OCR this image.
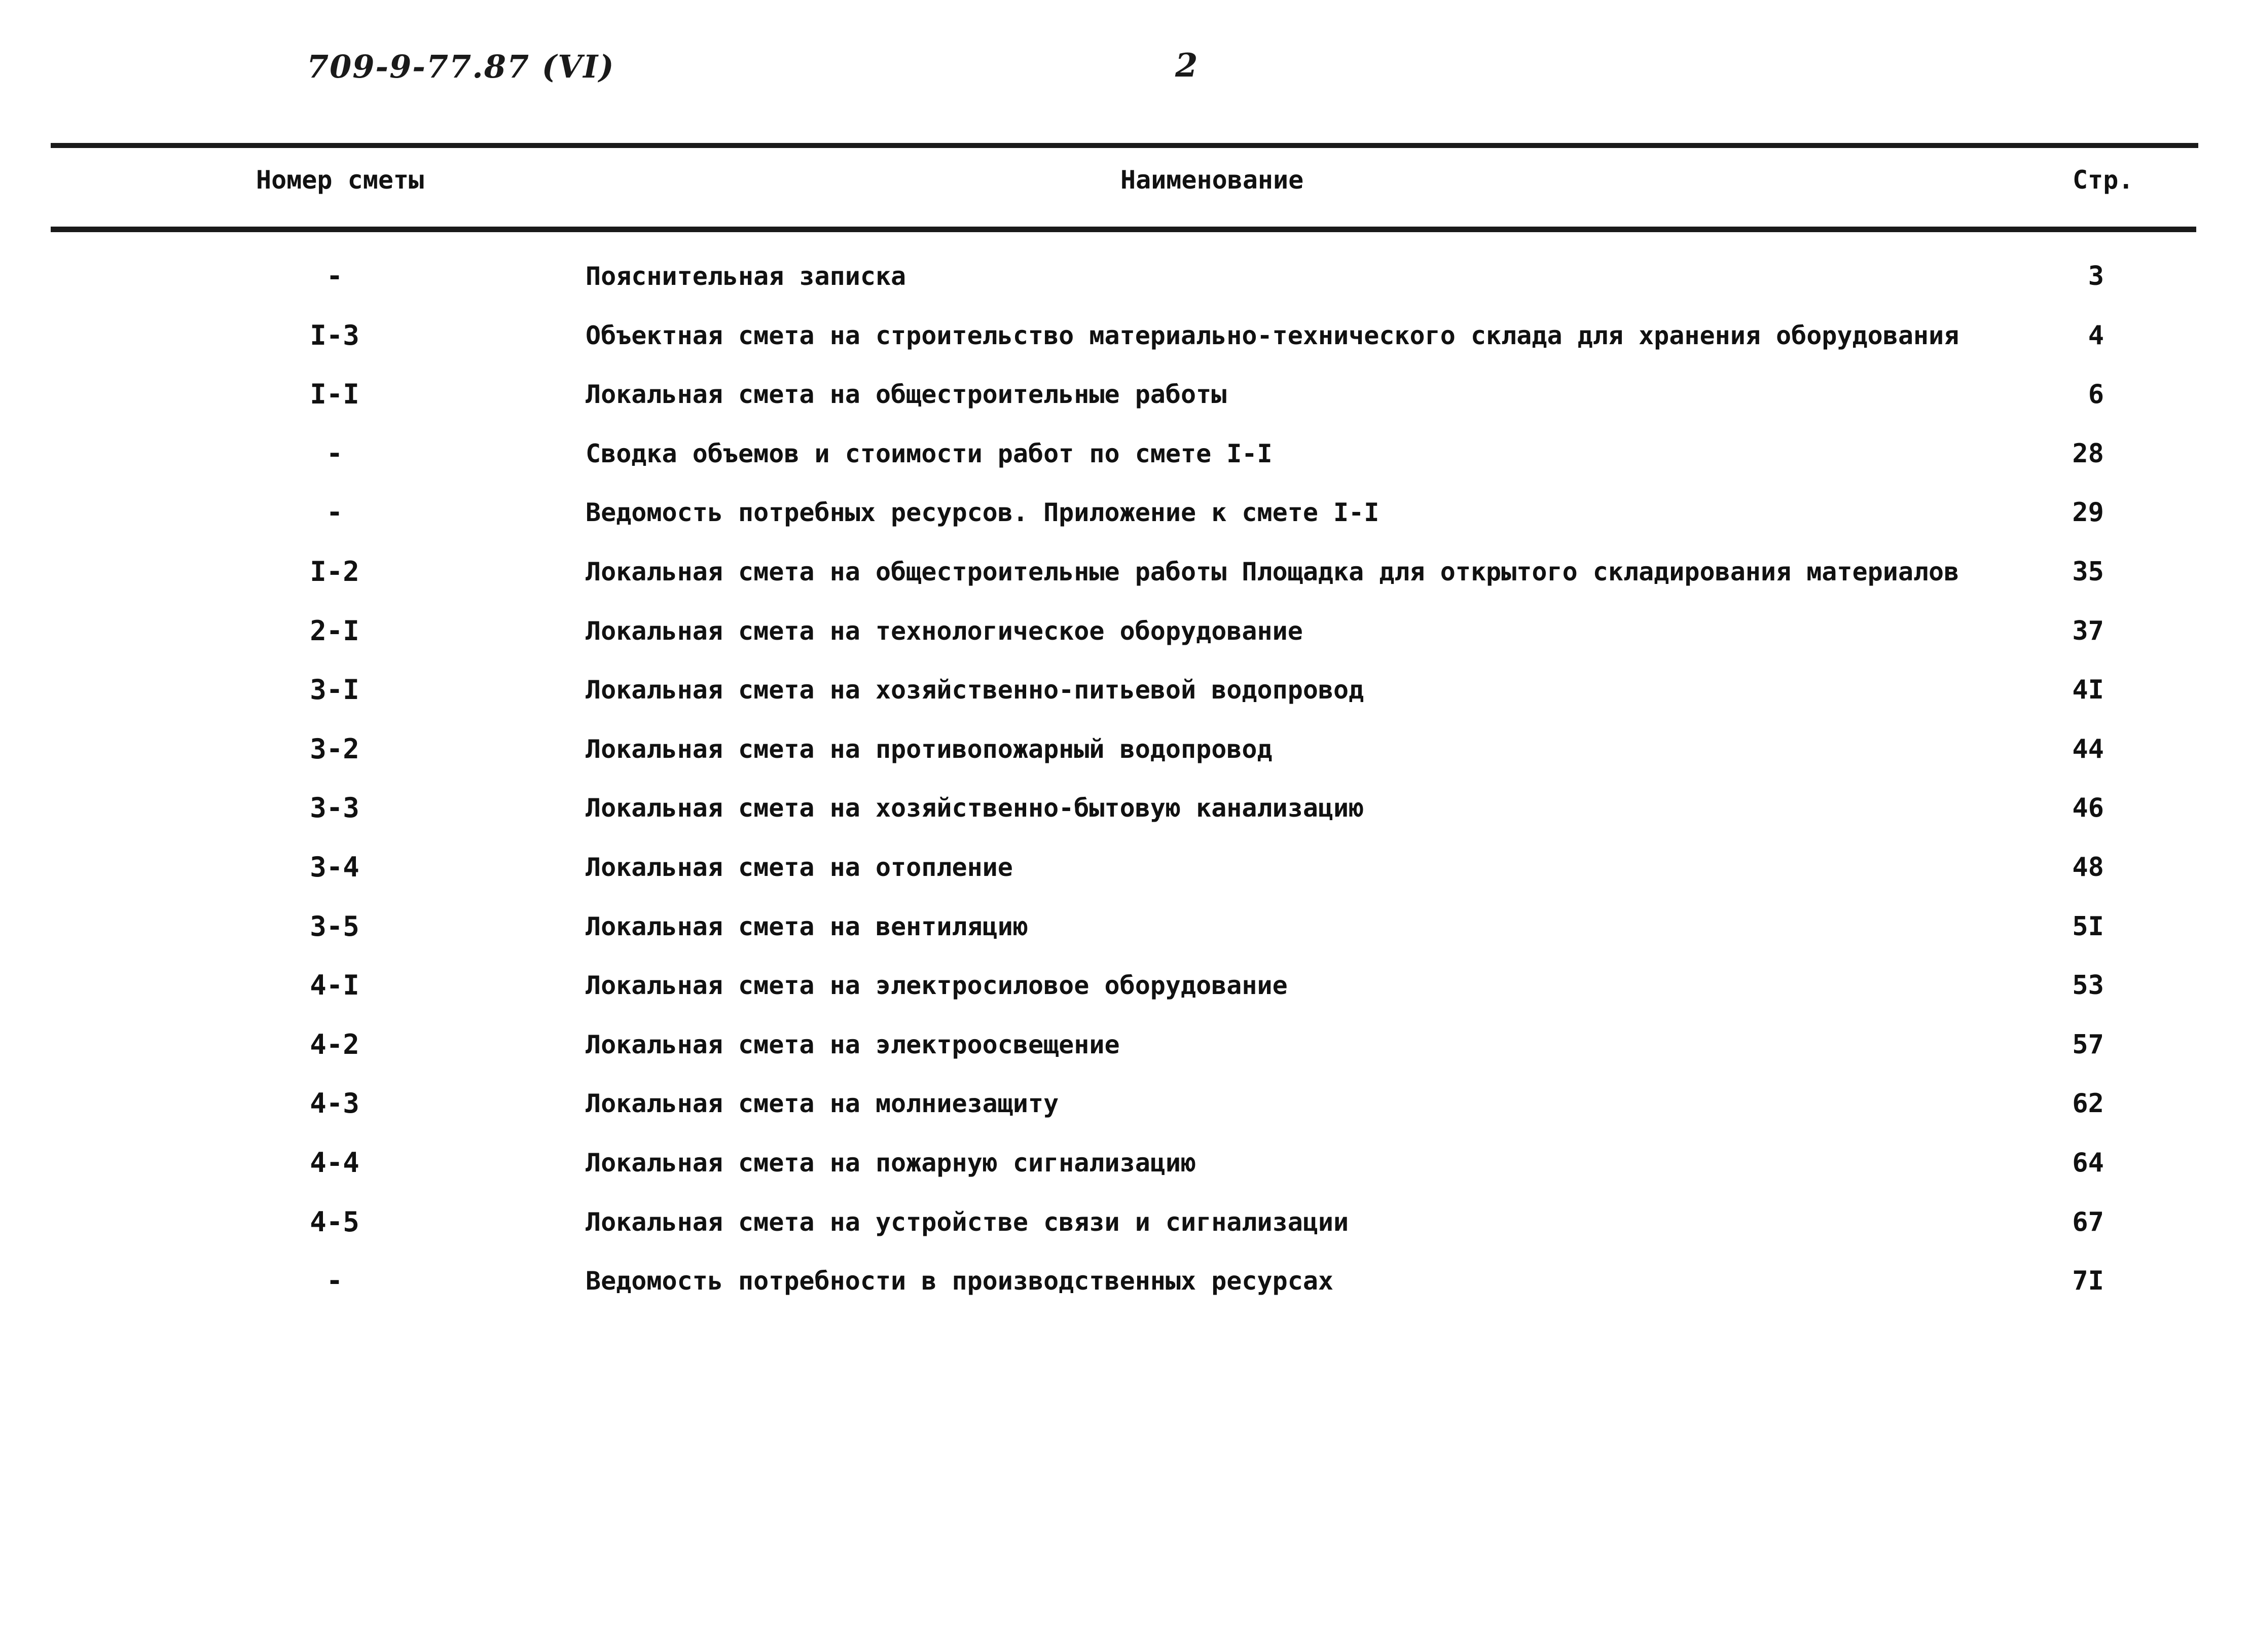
709-9-77.87 (VI)	2
Номер сметы	Наименование	Стр.
-	Пояснительная записка	3
I-3	Объектная смета на строительство материально-технического склада для хранения оборудования	4
I-I	Локальная смета на общестроительные работы	6
-	Сводка объемов и стоимости работ по смете I-I	28
-	Ведомость потребных ресурсов. Приложение к смете I-I	29
I-2	Локальная смета на общестроительные работы Площадка для открытого складирования материалов	35
2-I	Локальная смета на технологическое оборудование	37
3-I	Локальная смета на хозяйственно-питьевой водопровод	4I
3-2	Локальная смета на противопожарный водопровод	44
3-3	Локальная смета на хозяйственно-бытовую канализацию	46
3-4	Локальная смета на отопление	48
3-5	Локальная смета на вентиляцию	5I
4-I	Локальная смета на электросиловое оборудование	53
4-2	Локальная смета на электроосвещение	57
4-3	Локальная смета на молниезащиту	62
4-4	Локальная смета на пожарную сигнализацию	64
4-5	Локальная смета на устройстве связи и сигнализации	67
-	Ведомость потребности в производственных ресурсах	7I
